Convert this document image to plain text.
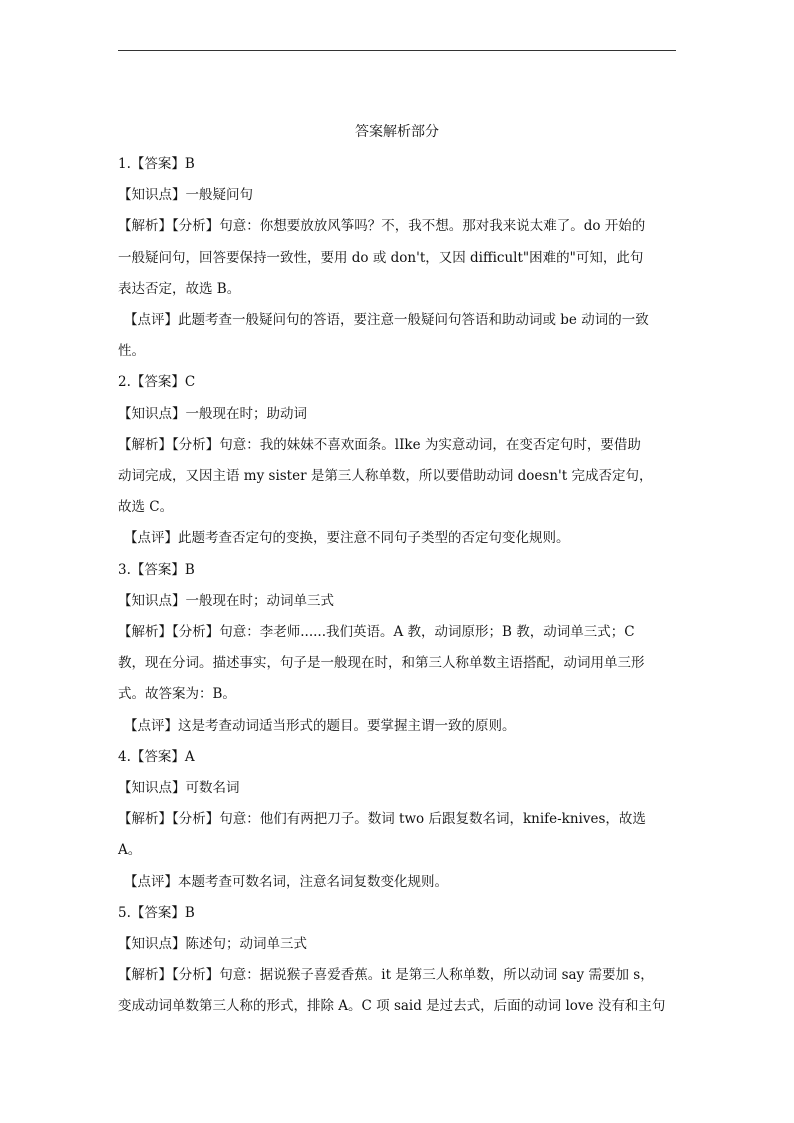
答案解析部分
1.【答案】B
【知识点】一般疑问句
【解析】【分析】句意：你想要放放风筝吗？不，我不想。那对我来说太难了。do 开始的
一般疑问句，回答要保持一致性，要用 do 或 don't，又因 difficult"困难的"可知，此句
表达否定，故选 B。
【点评】此题考查一般疑问句的答语，要注意一般疑问句答语和助动词或 be 动词的一致
性。
2.【答案】C
【知识点】一般现在时；助动词
【解析】【分析】句意：我的妹妹不喜欢面条。lIke 为实意动词，在变否定句时，要借助
动词完成，又因主语 my sister 是第三人称单数，所以要借助动词 doesn't 完成否定句，
故选 C。
【点评】此题考查否定句的变换，要注意不同句子类型的否定句变化规则。
3.【答案】B
【知识点】一般现在时；动词单三式
【解析】【分析】句意：李老师......我们英语。A 教，动词原形；B 教，动词单三式；C
教，现在分词。描述事实，句子是一般现在时，和第三人称单数主语搭配，动词用单三形
式。故答案为：B。
【点评】这是考查动词适当形式的题目。要掌握主谓一致的原则。
4.【答案】A
【知识点】可数名词
【解析】【分析】句意：他们有两把刀子。数词 two 后跟复数名词，knife-knives，故选
A。
【点评】本题考查可数名词，注意名词复数变化规则。
5.【答案】B
【知识点】陈述句；动词单三式
【解析】【分析】句意：据说猴子喜爱香蕉。it 是第三人称单数，所以动词 say 需要加 s，
变成动词单数第三人称的形式，排除 A。C 项 said 是过去式，后面的动词 love 没有和主句
